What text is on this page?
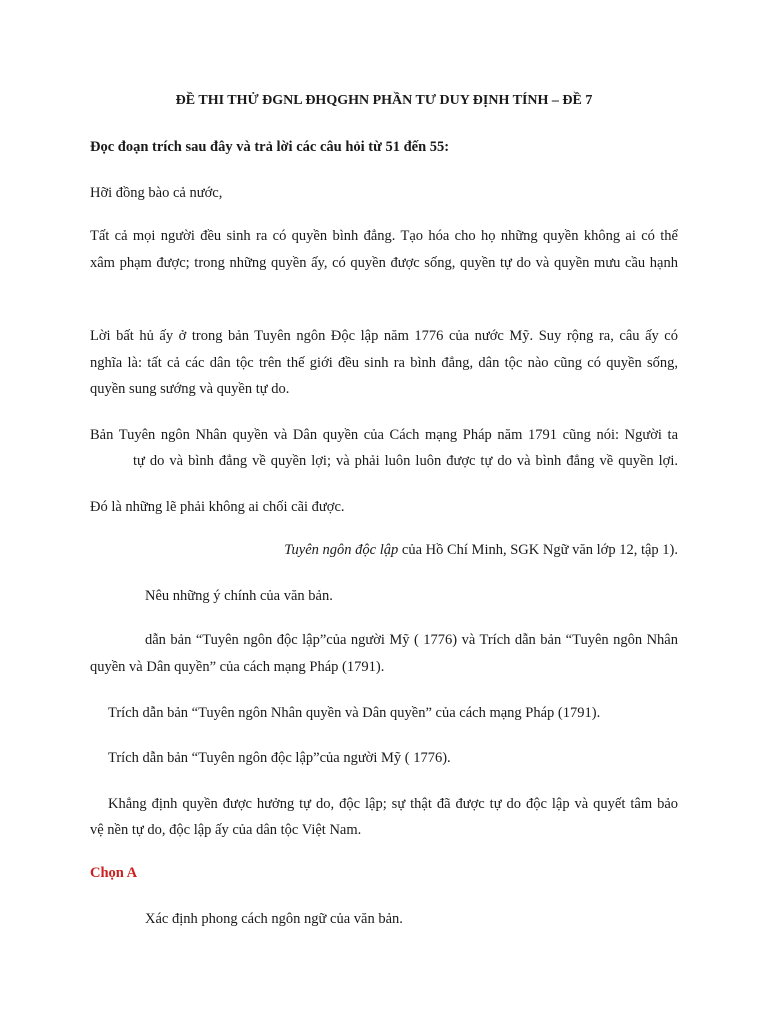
ĐỀ THI THỬ ĐGNL ĐHQGHN PHẦN TƯ DUY ĐỊNH TÍNH – ĐỀ 7
Đọc đoạn trích sau đây và trả lời các câu hỏi từ 51 đến 55:
Hỡi đồng bào cả nước,
Tất cả mọi người đều sinh ra có quyền bình đẳng. Tạo hóa cho họ những quyền không ai có thể
xâm phạm được; trong những quyền ấy, có quyền được sống, quyền tự do và quyền mưu cầu hạnh
Lời bất hủ ấy ở trong bản Tuyên ngôn Độc lập năm 1776 của nước Mỹ. Suy rộng ra, câu ấy có
nghĩa là: tất cả các dân tộc trên thế giới đều sinh ra bình đẳng, dân tộc nào cũng có quyền sống,
quyền sung sướng và quyền tự do.
Bản Tuyên ngôn Nhân quyền và Dân quyền của Cách mạng Pháp năm 1791 cũng nói: Người ta
tự do và bình đẳng về quyền lợi; và phải luôn luôn được tự do và bình đẳng về quyền lợi.
Đó là những lẽ phải không ai chối cãi được.
Tuyên ngôn độc lập của Hồ Chí Minh, SGK Ngữ văn lớp 12, tập 1).
Nêu những ý chính của văn bản.
dẫn bản “Tuyên ngôn độc lập”của người Mỹ ( 1776) và Trích dẫn bản “Tuyên ngôn Nhân
quyền và Dân quyền” của cách mạng Pháp (1791).
Trích dẫn bản “Tuyên ngôn Nhân quyền và Dân quyền” của cách mạng Pháp (1791).
Trích dẫn bản “Tuyên ngôn độc lập”của người Mỹ ( 1776).
Khẳng định quyền được hưởng tự do, độc lập; sự thật đã được tự do độc lập và quyết tâm bảo
vệ nền tự do, độc lập ấy của dân tộc Việt Nam.
Chọn A
Xác định phong cách ngôn ngữ của văn bản.
